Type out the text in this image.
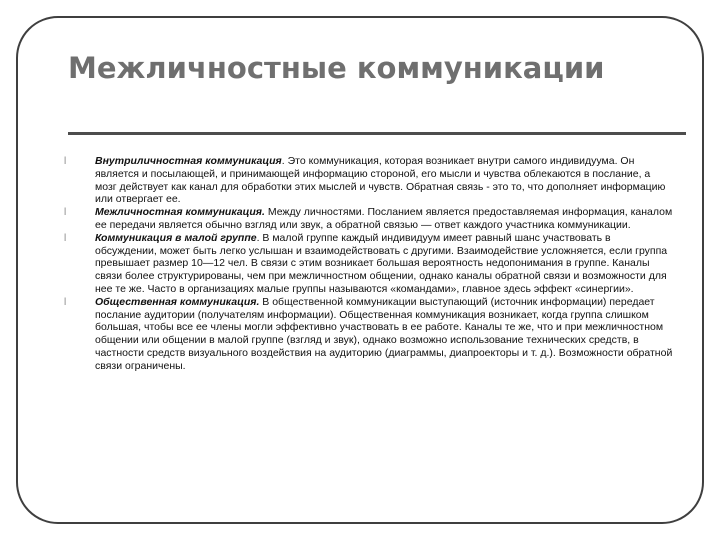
Межличностные коммуникации
l	Внутриличностная коммуникация. Это коммуникация, которая возникает внутри самого индивидуума. Он является и посылающей, и принимающей информацию стороной, его мысли и чувства облекаются в послание, а мозг действует как канал для обработки этих мыслей и чувств. Обратная связь - это то, что дополняет информацию или отвергает ее.
l	Межличностная коммуникация. Между личностями. Посланием является предоставляемая информация, каналом ее передачи является обычно взгляд или звук, а обратной связью — ответ каждого участника коммуникации.
l	Коммуникация в малой группе. В малой группе каждый индивидуум имеет равный шанс участвовать в обсуждении, может быть легко услышан и взаимодействовать с другими. Взаимодействие усложняется, если группа превышает размер 10—12 чел. В связи с этим возникает большая вероятность недопонимания в группе. Каналы связи более структурированы, чем при межличностном общении, однако каналы обратной связи и возможности для нее те же. Часто в организациях малые группы называются «командами», главное здесь эффект «синергии».
l	Общественная коммуникация. В общественной коммуникации выступающий (источник информации) передает послание аудитории (получателям информации). Общественная коммуникация возникает, когда группа слишком большая, чтобы все ее члены могли эффективно участвовать в ее работе. Каналы те же, что и при межличностном общении или общении в малой группе (взгляд и звук), однако возможно использование технических средств, в частности средств визуального воздействия на аудиторию (диаграммы, диапроекторы и т. д.). Возможности обратной связи ограничены.
